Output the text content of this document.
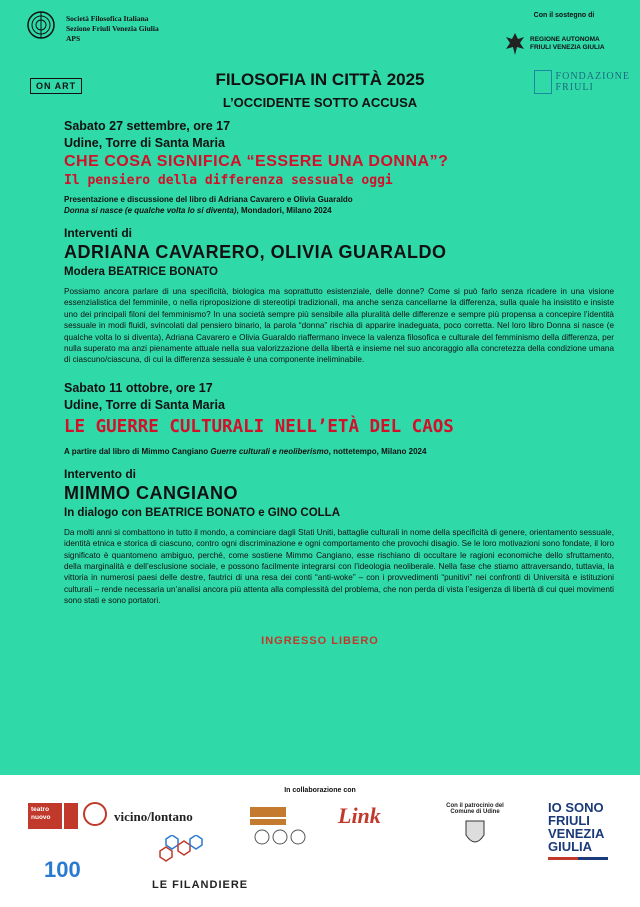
Società Filosofica Italiana
Sezione Friuli Venezia Giulia
APS
Con il sostegno di
REGIONE AUTONOMA
FRIULI VENEZIA GIULIA
ON ART
FONDAZIONE
FRIULI
FILOSOFIA IN CITTÀ 2025
L’OCCIDENTE SOTTO ACCUSA
Sabato 27 settembre, ore 17
Udine, Torre di Santa Maria
CHE COSA SIGNIFICA “ESSERE UNA DONNA”?
Il pensiero della differenza sessuale oggi
Presentazione e discussione del libro di Adriana Cavarero e Olivia Guaraldo
Donna si nasce (e qualche volta lo si diventa), Mondadori, Milano 2024
Interventi di
ADRIANA CAVARERO, OLIVIA GUARALDO
Modera BEATRICE BONATO
Possiamo ancora parlare di una specificità, biologica ma soprattutto esistenziale, delle donne? Come si può farlo senza ricadere in una visione essenzialistica del femminile, o nella riproposizione di stereotipi tradizionali, ma anche senza cancellarne la differenza, sulla quale ha insistito e insiste uno dei principali filoni del femminismo? In una società sempre più sensibile alla pluralità delle differenze e sempre più propensa a concepire l’identità sessuale in modi fluidi, svincolati dal pensiero binario, la parola “donna” rischia di apparire inadeguata, poco corretta. Nel loro libro Donna si nasce (e qualche volta lo si diventa), Adriana Cavarero e Olivia Guaraldo riaffermano invece la valenza filosofica e culturale del femminismo della differenza, per nulla superato ma anzi pienamente attuale nella sua valorizzazione della libertà e insieme nel suo ancoraggio alla concretezza della condizione umana di ciascuno/ciascuna, di cui la differenza sessuale è una componente ineliminabile.
Sabato 11 ottobre, ore 17
Udine, Torre di Santa Maria
LE GUERRE CULTURALI NELL’ETÀ DEL CAOS
A partire dal libro di Mimmo Cangiano Guerre culturali e neoliberismo, nottetempo, Milano 2024
Intervento di
MIMMO CANGIANO
In dialogo con BEATRICE BONATO e GINO COLLA
Da molti anni si combattono in tutto il mondo, a cominciare dagli Stati Uniti, battaglie culturali in nome della specificità di genere, orientamento sessuale, identità etnica e storica di ciascuno, contro ogni discriminazione e ogni comportamento che provochi disagio. Se le loro motivazioni sono fondate, il loro significato è quantomeno ambiguo, perché, come sostiene Mimmo Cangiano, esse rischiano di occultare le ragioni economiche dello sfruttamento, della marginalità e dell’esclusione sociale, e possono facilmente integrarsi con l’ideologia neoliberale. Nella fase che stiamo attraversando, tuttavia, la vittoria in numerosi paesi delle destre, fautrici di una resa dei conti “anti-woke” – con i provvedimenti “punitivi” nei confronti di Università e istituzioni culturali – rende necessaria un’analisi ancora più attenta alla complessità del problema, che non perda di vista l’esigenza di libertà di cui quei movimenti sono stati e sono portatori.
INGRESSO LIBERO
In collaborazione con
teatro
nuovo	vicino/lontano	Link	Con il patrocinio del
Comune di Udine	IO SONO
FRIULI
VENEZIA
GIULIA
100
LE FILANDIERE
